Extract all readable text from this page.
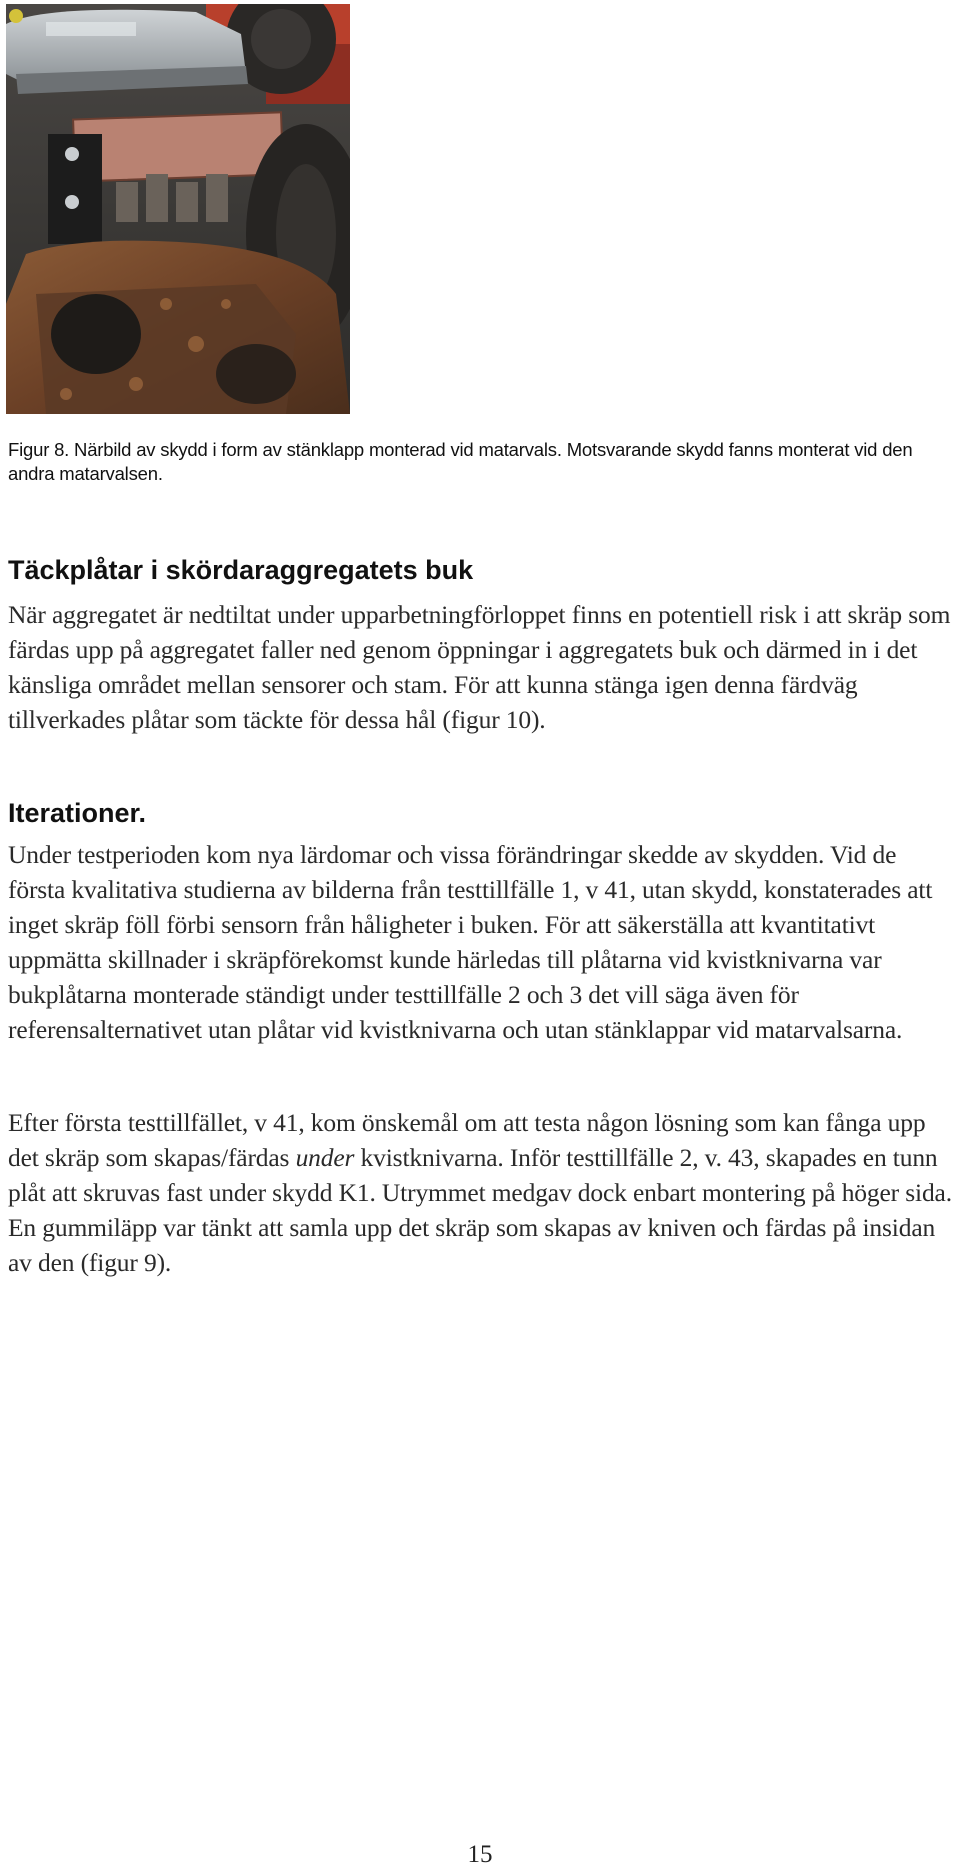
Figur 8. Närbild av skydd i form av stänklapp monterad vid matarvals. Motsvarande skydd fanns monterat vid den andra matarvalsen.
Täckplåtar i skördaraggregatets buk

När aggregatet är nedtiltat under upparbetningförloppet finns en potentiell risk i att skräp som färdas upp på aggregatet faller ned genom öppningar i aggregatets buk och därmed in i det känsliga området mellan sensorer och stam. För att kunna stänga igen denna färdväg tillverkades plåtar som täckte för dessa hål (figur 10).

Iterationer.

Under testperioden kom nya lärdomar och vissa förändringar skedde av skydden. Vid de första kvalitativa studierna av bilderna från testtillfälle 1, v 41, utan skydd, konstaterades att inget skräp föll förbi sensorn från håligheter i buken. För att säkerställa att kvantitativt uppmätta skillnader i skräpförekomst kunde härledas till plåtarna vid kvistknivarna var bukplåtarna monterade ständigt under testtillfälle 2 och 3 det vill säga även för referensalternativet utan plåtar vid kvistknivarna och utan stänklappar vid matarvalsarna.

Efter första testtillfället, v 41, kom önskemål om att testa någon lösning som kan fånga upp det skräp som skapas/färdas under kvistknivarna. Inför testtillfälle 2, v. 43, skapades en tunn plåt att skruvas fast under skydd K1. Utrymmet medgav dock enbart montering på höger sida. En gummiläpp var tänkt att samla upp det skräp som skapas av kniven och färdas på insidan av den (figur 9).

15
